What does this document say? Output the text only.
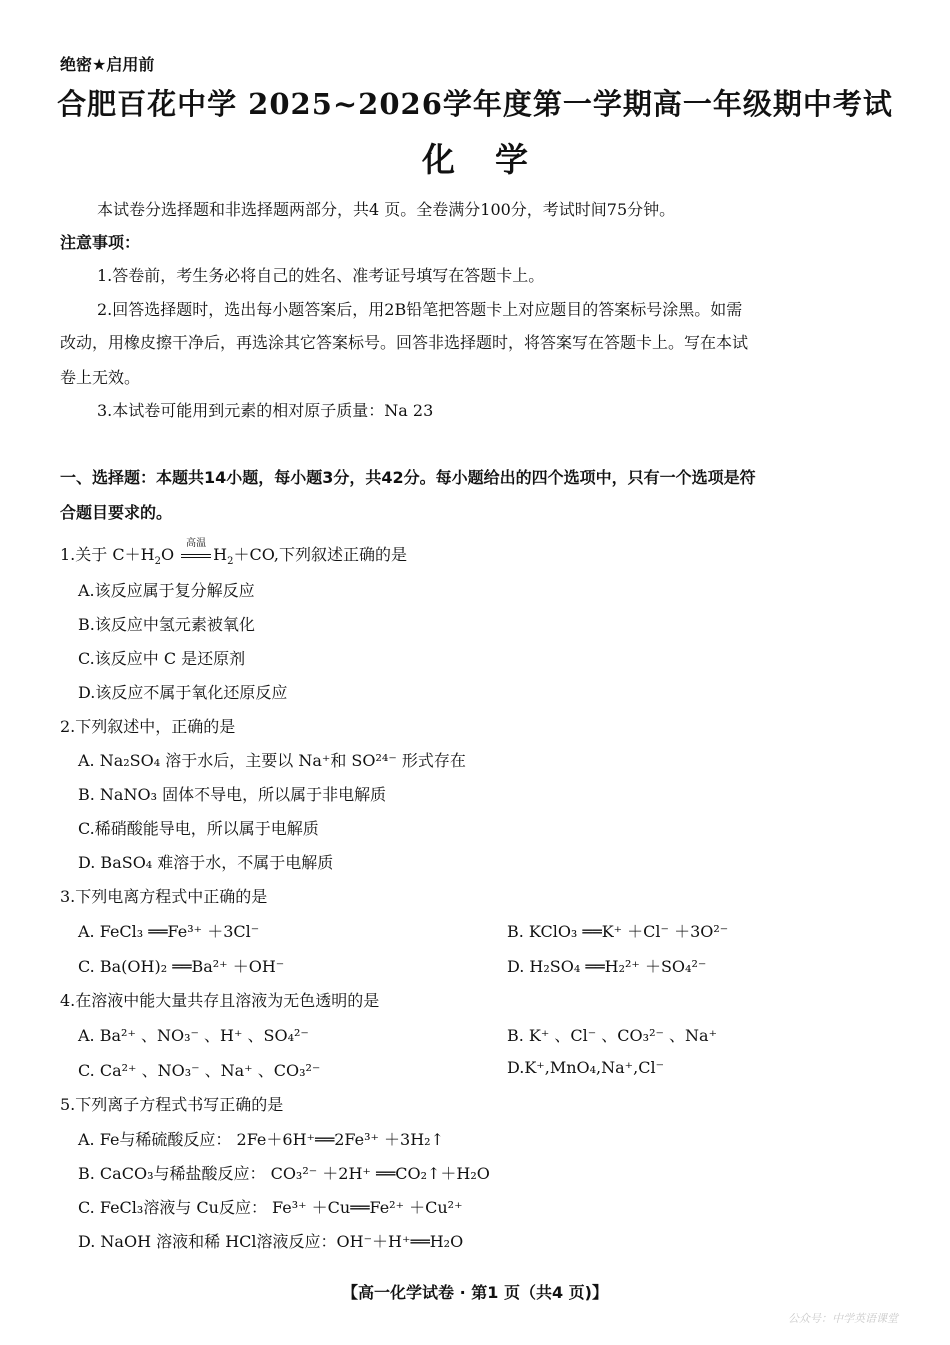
绝密★启用前
合肥百花中学 2025~2026学年度第一学期高一年级期中考试
化学
本试卷分选择题和非选择题两部分，共4 页。全卷满分100分，考试时间75分钟。
注意事项：
1.答卷前，考生务必将自己的姓名、准考证号填写在答题卡上。
2.回答选择题时，选出每小题答案后，用2B铅笔把答题卡上对应题目的答案标号涂黑。如需
改动，用橡皮擦干净后，再选涂其它答案标号。回答非选择题时，将答案写在答题卡上。写在本试
卷上无效。
3.本试卷可能用到元素的相对原子质量：Na 23
一、选择题：本题共14小题，每小题3分，共42分。每小题给出的四个选项中，只有一个选项是符
合题目要求的。
1.关于 $C+H_2O$
高温
$H_2+CO$,下列叙述正确的是
A.该反应属于复分解反应
B.该反应中氢元素被氧化
C.该反应中 C 是还原剂
D.该反应不属于氧化还原反应
2.下列叙述中，正确的是
A. Na₂SO₄ 溶于水后，主要以 Na⁺和 SO²⁴⁻ 形式存在
B. NaNO₃ 固体不导电，所以属于非电解质
C.稀硝酸能导电，所以属于电解质
D. BaSO₄ 难溶于水，不属于电解质
3.下列电离方程式中正确的是
A. FeCl₃ ══Fe³⁺ ＋3Cl⁻	B. KClO₃ ══K⁺ ＋Cl⁻ ＋3O²⁻
C. Ba(OH)₂ ══Ba²⁺ ＋OH⁻	D. H₂SO₄ ══H₂²⁺ ＋SO₄²⁻
4.在溶液中能大量共存且溶液为无色透明的是
A. Ba²⁺ 、NO₃⁻ 、H⁺ 、SO₄²⁻	B. K⁺ 、Cl⁻ 、CO₃²⁻ 、Na⁺
C. Ca²⁺ 、NO₃⁻ 、Na⁺ 、CO₃²⁻	D.K⁺,MnO₄,Na⁺,Cl⁻
5.下列离子方程式书写正确的是
A. Fe与稀硫酸反应： 2Fe＋6H⁺══2Fe³⁺ ＋3H₂↑
B. CaCO₃与稀盐酸反应： CO₃²⁻ ＋2H⁺ ══CO₂↑＋H₂O
C. FeCl₃溶液与 Cu反应： Fe³⁺ ＋Cu══Fe²⁺ ＋Cu²⁺
D. NaOH 溶液和稀 HCl溶液反应：OH⁻＋H⁺══H₂O
【高一化学试卷 · 第1 页（共4 页)】
公众号：中学英语课堂
